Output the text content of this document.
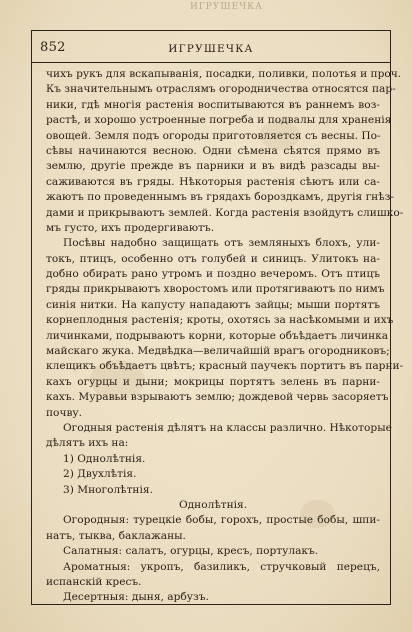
ИГРУШЕЧКА
852	ИГРУШЕЧКА
чихъ рукъ для вскапыванія, посадки, поливки, полотья и проч.
Къ значительнымъ отраслямъ огородничества относятся пар-
ники, гдѣ многія растенія воспитываются въ раннемъ воз-
растѣ, и хорошо устроенные погреба и подвалы для храненія
овощей. Земля подъ огороды приготовляется съ весны. По-
сѣвы начинаются весною. Одни сѣмена сѣятся прямо въ
землю, другіе прежде въ парники и въ видѣ разсады вы-
саживаются въ гряды. Нѣкоторыя растенія сѣютъ или са-
жаютъ по проведеннымъ въ грядахъ бороздкамъ, другія гнѣз-
дами и прикрываютъ землей. Когда растенія взойдутъ слишко-
мъ густо, ихъ продергиваютъ.
Посѣвы надобно защищать отъ земляныхъ блохъ, ули-
токъ, птицъ, особенно отъ голубей и синицъ. Улитокъ на-
добно обирать рано утромъ и поздно вечеромъ. Отъ птицъ
гряды прикрываютъ хворостомъ или протягиваютъ по нимъ
синія нитки. На капусту нападаютъ зайцы; мыши портятъ
корнеплодныя растенія; кроты, охотясь за насѣкомыми и ихъ
личинками, подрываютъ корни, которые объѣдаетъ личинка
майскаго жука. Медвѣдка—величайшій врагъ огородниковъ;
клещикъ объѣдаетъ цвѣтъ; красный паучекъ портитъ въ парни-
кахъ огурцы и дыни; мокрицы портятъ зелень въ парни-
кахъ. Муравьи взрываютъ землю; дождевой червь засоряетъ
почву.
Огодныя растенія дѣлятъ на классы различно. Нѣкоторые
дѣлятъ ихъ на:
1) Однолѣтнія.
2) Двухлѣтія.
3) Многолѣтнія.
Однолѣтнія.
Огородныя: турецкіе бобы, горохъ, простые бобы, шпи-
натъ, тыква, баклажаны.
Салатныя: салатъ, огурцы, кресъ, портулакъ.
Ароматныя: укропъ, базиликъ, стручковый перецъ,
испанскій кресъ.
Десертныя: дыня, арбузъ.
